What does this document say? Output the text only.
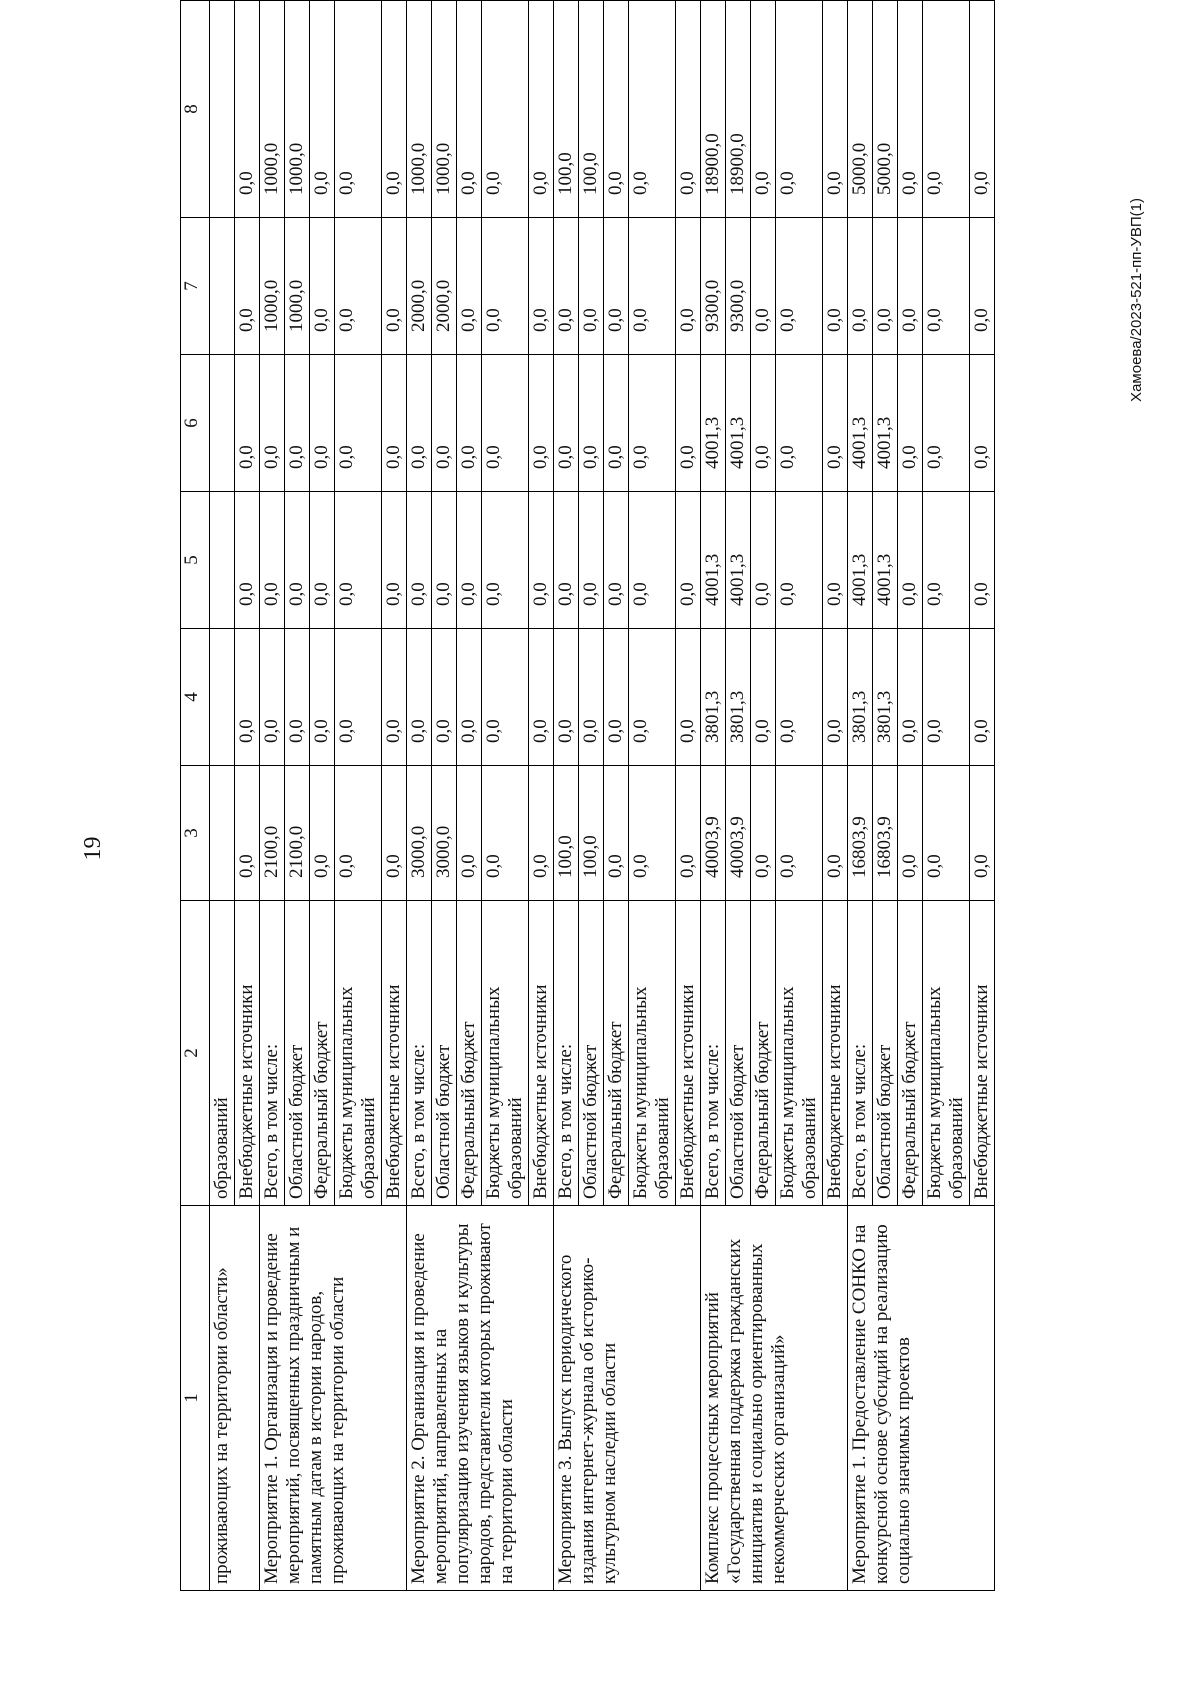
19
1	2	3	4	5	6	7	8
проживающих на территории области»	образований						
	Внебюджетные источники	0,0	0,0	0,0	0,0	0,0	0,0
Мероприятие 1. Организация и проведение мероприятий, посвященных праздничным и памятным датам в истории народов, проживающих на территории области	Всего, в том числе:	2100,0	0,0	0,0	0,0	1000,0	1000,0
	Областной бюджет	2100,0	0,0	0,0	0,0	1000,0	1000,0
	Федеральный бюджет	0,0	0,0	0,0	0,0	0,0	0,0
	Бюджеты муниципальных образований	0,0	0,0	0,0	0,0	0,0	0,0
	Внебюджетные источники	0,0	0,0	0,0	0,0	0,0	0,0
Мероприятие 2. Организация и проведение мероприятий, направленных на популяризацию изучения языков и культуры народов, представители которых проживают на территории области	Всего, в том числе:	3000,0	0,0	0,0	0,0	2000,0	1000,0
	Областной бюджет	3000,0	0,0	0,0	0,0	2000,0	1000,0
	Федеральный бюджет	0,0	0,0	0,0	0,0	0,0	0,0
	Бюджеты муниципальных образований	0,0	0,0	0,0	0,0	0,0	0,0
	Внебюджетные источники	0,0	0,0	0,0	0,0	0,0	0,0
Мероприятие 3. Выпуск периодического издания интернет-журнала об историко-культурном наследии области	Всего, в том числе:	100,0	0,0	0,0	0,0	0,0	100,0
	Областной бюджет	100,0	0,0	0,0	0,0	0,0	100,0
	Федеральный бюджет	0,0	0,0	0,0	0,0	0,0	0,0
	Бюджеты муниципальных образований	0,0	0,0	0,0	0,0	0,0	0,0
	Внебюджетные источники	0,0	0,0	0,0	0,0	0,0	0,0
Комплекс процессных мероприятий «Государственная поддержка гражданских инициатив и социально ориентированных некоммерческих организаций»	Всего, в том числе:	40003,9	3801,3	4001,3	4001,3	9300,0	18900,0
	Областной бюджет	40003,9	3801,3	4001,3	4001,3	9300,0	18900,0
	Федеральный бюджет	0,0	0,0	0,0	0,0	0,0	0,0
	Бюджеты муниципальных образований	0,0	0,0	0,0	0,0	0,0	0,0
	Внебюджетные источники	0,0	0,0	0,0	0,0	0,0	0,0
Мероприятие 1. Предоставление СОНКО на конкурсной основе субсидий на реализацию социально значимых проектов	Всего, в том числе:	16803,9	3801,3	4001,3	4001,3	0,0	5000,0
	Областной бюджет	16803,9	3801,3	4001,3	4001,3	0,0	5000,0
	Федеральный бюджет	0,0	0,0	0,0	0,0	0,0	0,0
	Бюджеты муниципальных образований	0,0	0,0	0,0	0,0	0,0	0,0
	Внебюджетные источники	0,0	0,0	0,0	0,0	0,0	0,0
Хамоева/2023-521-пп-УВП(1)
